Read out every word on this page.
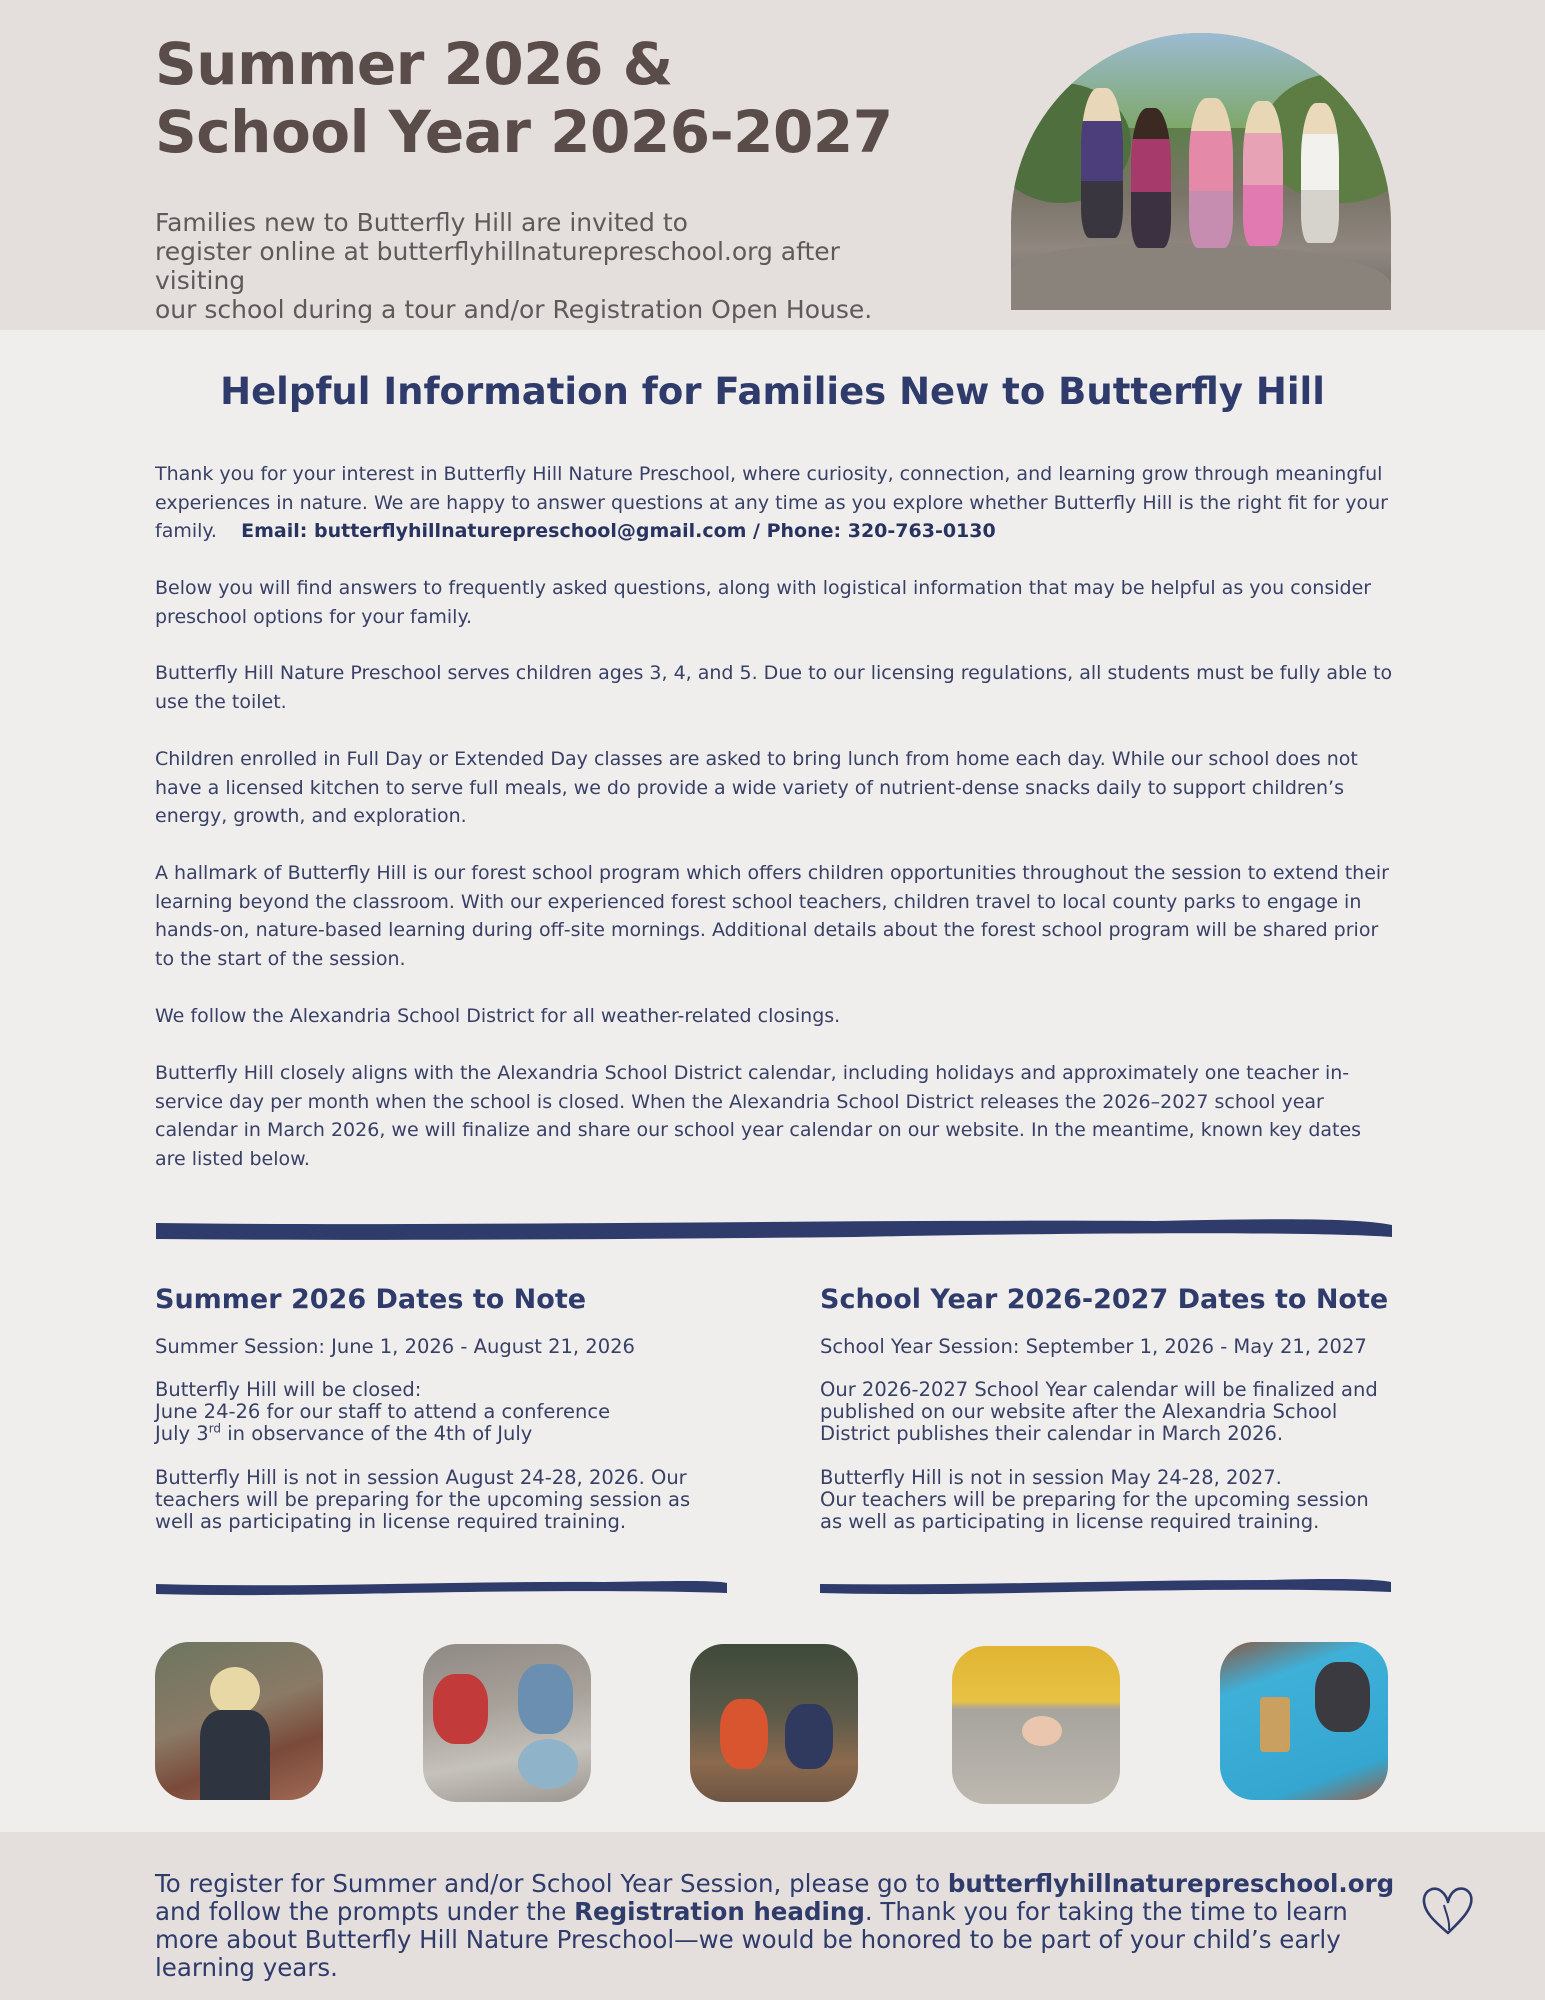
Summer 2026 &
School Year 2026-2027

Families new to Butterfly Hill are invited to
register online at butterflyhillnaturepreschool.org after visiting
our school during a tour and/or Registration Open House.

Helpful Information for Families New to Butterfly Hill

Thank you for your interest in Butterfly Hill Nature Preschool, where curiosity, connection, and learning grow through meaningful experiences in nature. We are happy to answer questions at any time as you explore whether Butterfly Hill is the right fit for your family. Email: butterflyhillnaturepreschool@gmail.com / Phone: 320-763-0130

Below you will find answers to frequently asked questions, along with logistical information that may be helpful as you consider preschool options for your family.

Butterfly Hill Nature Preschool serves children ages 3, 4, and 5. Due to our licensing regulations, all students must be fully able to use the toilet.

Children enrolled in Full Day or Extended Day classes are asked to bring lunch from home each day. While our school does not have a licensed kitchen to serve full meals, we do provide a wide variety of nutrient-dense snacks daily to support children’s energy, growth, and exploration.

A hallmark of Butterfly Hill is our forest school program which offers children opportunities throughout the session to extend their learning beyond the classroom. With our experienced forest school teachers, children travel to local county parks to engage in hands-on, nature-based learning during off-site mornings. Additional details about the forest school program will be shared prior to the start of the session.

We follow the Alexandria School District for all weather-related closings.

Butterfly Hill closely aligns with the Alexandria School District calendar, including holidays and approximately one teacher in-service day per month when the school is closed. When the Alexandria School District releases the 2026–2027 school year calendar in March 2026, we will finalize and share our school year calendar on our website. In the meantime, known key dates are listed below.

Summer 2026 Dates to Note

Summer Session: June 1, 2026 - August 21, 2026

Butterfly Hill will be closed:
June 24-26 for our staff to attend a conference
July 3rd in observance of the 4th of July

Butterfly Hill is not in session August 24-28, 2026. Our
teachers will be preparing for the upcoming session as
well as participating in license required training.

School Year 2026-2027 Dates to Note

School Year Session: September 1, 2026 - May 21, 2027

Our 2026-2027 School Year calendar will be finalized and
published on our website after the Alexandria School
District publishes their calendar in March 2026.

Butterfly Hill is not in session May 24-28, 2027.
Our teachers will be preparing for the upcoming session
as well as participating in license required training.

To register for Summer and/or School Year Session, please go to butterflyhillnaturepreschool.org and follow the prompts under the Registration heading. Thank you for taking the time to learn more about Butterfly Hill Nature Preschool—we would be honored to be part of your child’s early learning years.
